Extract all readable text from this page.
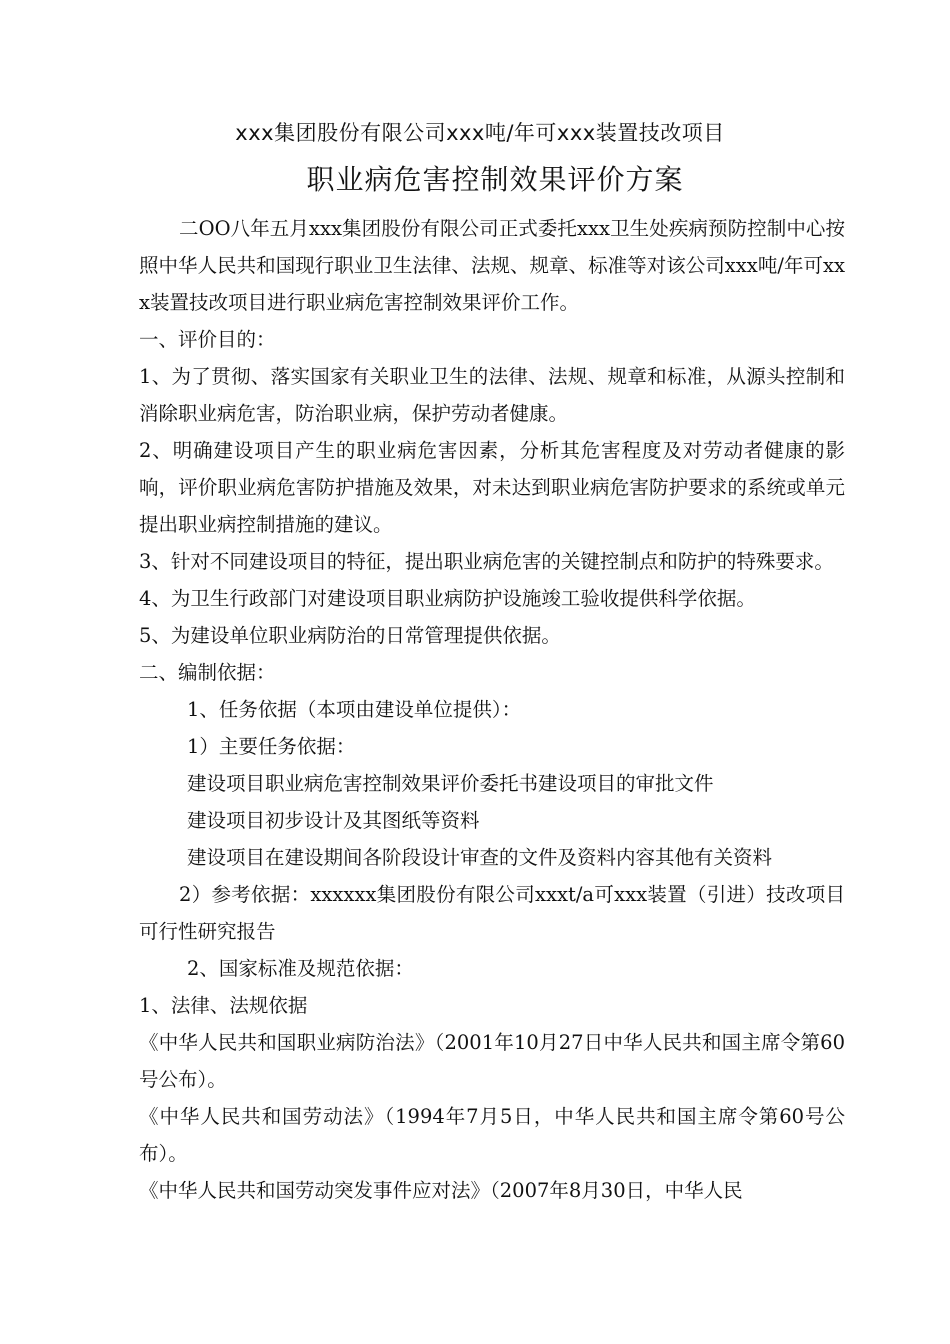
xxx集团股份有限公司xxx吨/年可xxx装置技改项目
职业病危害控制效果评价方案

二OO八年五月xxx集团股份有限公司正式委托xxx卫生处疾病预防控制中心按照中华人民共和国现行职业卫生法律、法规、规章、标准等对该公司xxx吨/年可xxx装置技改项目进行职业病危害控制效果评价工作。

一、评价目的：

1、为了贯彻、落实国家有关职业卫生的法律、法规、规章和标准，从源头控制和消除职业病危害，防治职业病，保护劳动者健康。

2、明确建设项目产生的职业病危害因素，分析其危害程度及对劳动者健康的影响，评价职业病危害防护措施及效果，对未达到职业病危害防护要求的系统或单元提出职业病控制措施的建议。

3、针对不同建设项目的特征，提出职业病危害的关键控制点和防护的特殊要求。

4、为卫生行政部门对建设项目职业病防护设施竣工验收提供科学依据。

5、为建设单位职业病防治的日常管理提供依据。

二、编制依据：

1、任务依据（本项由建设单位提供）：

1）主要任务依据：

建设项目职业病危害控制效果评价委托书建设项目的审批文件

建设项目初步设计及其图纸等资料

建设项目在建设期间各阶段设计审查的文件及资料内容其他有关资料

2）参考依据：xxxxxx集团股份有限公司xxxt/a可xxx装置（引进）技改项目可行性研究报告

2、国家标准及规范依据：

1、法律、法规依据

《中华人民共和国职业病防治法》（2001年10月27日中华人民共和国主席令第60号公布）。

《中华人民共和国劳动法》（1994年7月5日，中华人民共和国主席令第60号公布）。

《中华人民共和国劳动突发事件应对法》（2007年8月30日，中华人民
